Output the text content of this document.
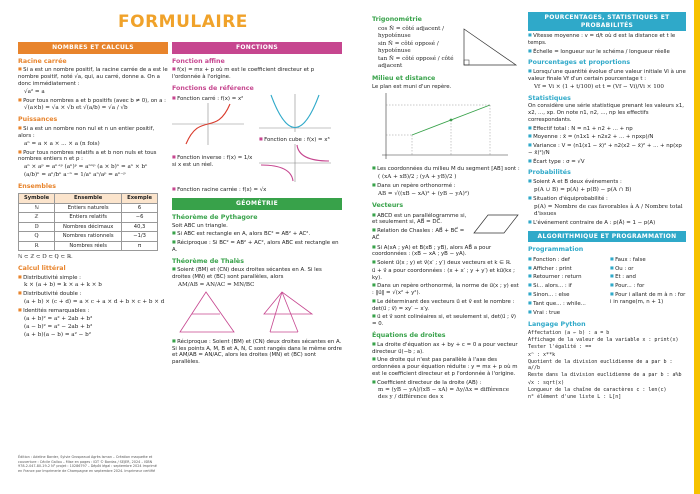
FORMULAIRE
NOMBRES ET CALCULS
Racine carrée
■ Si a est un nombre positif, la racine carrée de a est le nombre positif, noté √a, qui, au carré, donne a. On a donc immédiatement :
√a² = a
■ Pour tous nombres a et b positifs (avec b ≠ 0), on a :
√(a×b) = √a × √b et √(a/b) = √a / √b
Puissances
■ Si a est un nombre non nul et n un entier positif, alors :
aⁿ = a × a × ... × a (n fois)
■ Pour tous nombres relatifs a et b non nuls et tous nombres entiers n et p :
aⁿ × aᵖ = aⁿ⁺ᵖ (aⁿ)ᵖ = aⁿˣᵖ (a × b)ⁿ = aⁿ × bⁿ
(a/b)ⁿ = aⁿ/bⁿ a⁻ⁿ = 1/aⁿ aⁿ/aᵖ = aⁿ⁻ᵖ
Ensembles
Symbole	Ensemble	Exemple
ℕ	Entiers naturels	6
ℤ	Entiers relatifs	−6
𝔻	Nombres décimaux	40,3
ℚ	Nombres rationnels	−1/3
ℝ	Nombres réels	π
ℕ ⊂ ℤ ⊂ 𝔻 ⊂ ℚ ⊂ ℝ.
Calcul littéral
■ Distributivité simple :
k × (a + b) = k × a + k × b
■ Distributivité double :
(a + b) × (c + d) = a × c + a × d + b × c + b × d
■ Identités remarquables :
(a + b)² = a² + 2ab + b²
(a − b)² = a² − 2ab + b²
(a + b)(a − b) = a² − b²
Édition : Adeline Barder, Sylvie Grospeaud Agrès Isman – Création maquette et couverture : Cécile Gallou – Mise en pages : IDT © Bordas / SEJER, 2024 – ISBN 978-2-047-80-19-2 N° projet : 10286797 – Dépôt légal : septembre 2024 Imprimé en France par Imprimerie de Champagne en septembre 2024. Imprimeur certifié
FONCTIONS
Fonction affine
■ f(x) = mx + p où m est le coefficient directeur et p l'ordonnée à l'origine.
Fonctions de référence
■ Fonction carré : f(x) = x²
■ Fonction inverse : f(x) = 1/x si x est un réel.
■ Fonction cube : f(x) = x³
■ Fonction racine carrée : f(x) = √x
GÉOMÉTRIE
Théorème de Pythagore
Soit ABC un triangle.
■ Si ABC est rectangle en A, alors BC² = AB² + AC².
■ Réciproque : Si BC² = AB² + AC², alors ABC est rectangle en A.
Théorème de Thalès
■ Soient (BM) et (CN) deux droites sécantes en A. Si les droites (MN) et (BC) sont parallèles, alors
AM/AB = AN/AC = MN/BC
■ Réciproque : Soient (BM) et (CN) deux droites sécantes en A. Si les points A, M, B et A, N, C sont rangés dans le même ordre et AM/AB = AN/AC, alors les droites (MN) et (BC) sont parallèles.
Trigonométrie
cos N̂ = côté adjacent / hypoténuse
sin N̂ = côté opposé / hypoténuse
tan N̂ = côté opposé / côté adjacent
Milieu et distance
Le plan est muni d'un repère.
■ Les coordonnées du milieu M du segment [AB] sont :
( (xA + xB)/2 ; (yA + yB)/2 )
■ Dans un repère orthonormé :
AB = √((xB − xA)² + (yB − yA)²)
Vecteurs
■ ABCD est un parallélogramme si, et seulement si, AB⃗ = DC⃗.
■ Relation de Chasles : AB⃗ + BC⃗ = AC⃗
■ Si A(xA ; yA) et B(xB ; yB), alors AB⃗ a pour coordonnées : (xB − xA ; yB − yA).
■ Soient u⃗(x ; y) et v⃗(x′ ; y′) deux vecteurs et k ∈ ℝ.
u⃗ + v⃗ a pour coordonnées : (x + x′ ; y + y′) et ku⃗(kx ; ky).
■ Dans un repère orthonormé, la norme de u⃗(x ; y) est : ‖u⃗‖ = √(x² + y²).
■ Le déterminant des vecteurs u⃗ et v⃗ est le nombre : det(u⃗ ; v⃗) = xy′ − x′y.
■ u⃗ et v⃗ sont colinéaires si, et seulement si, det(u⃗ ; v⃗) = 0.
Équations de droites
■ La droite d'équation ax + by + c = 0 a pour vecteur directeur u⃗(−b ; a).
■ Une droite qui n'est pas parallèle à l'axe des ordonnées a pour équation réduite : y = mx + p où m est le coefficient directeur et p l'ordonnée à l'origine.
■ Coefficient directeur de la droite (AB) :
m = (yB − yA)/(xB − xA) = Δy/Δx = différence des y / différence des x
POURCENTAGES, STATISTIQUES ET PROBABILITÉS
■ Vitesse moyenne : v = d/t où d est la distance et t le temps.
■ Échelle = longueur sur le schéma / longueur réelle
Pourcentages et proportions
■ Lorsqu'une quantité évolue d'une valeur initiale Vi à une valeur finale Vf d'un certain pourcentage t :
Vf = Vi × (1 + t/100) et t = (Vf − Vi)/Vi × 100
Statistiques
On considère une série statistique prenant les valeurs x1, x2, ..., xp. On note n1, n2, ..., np les effectifs correspondants.
■ Effectif total : N = n1 + n2 + ... + np
■ Moyenne : x̄ = (n1x1 + n2x2 + ... + npxp)/N
■ Variance : V = (n1(x1 − x̄)² + n2(x2 − x̄)² + ... + np(xp − x̄)²)/N
■ Écart type : σ = √V
Probabilités
■ Soient A et B deux événements :
p(A ∪ B) = p(A) + p(B) − p(A ∩ B)
■ Situation d'équiprobabilité :
p(A) = Nombre de cas favorables à A / Nombre total d'issues
■ L'événement contraire de A : p(Ā) = 1 − p(A)
ALGORITHMIQUE ET PROGRAMMATION
Programmation
■ Fonction : def
■ Afficher : print
■ Retourner : return
■ Si... alors... : if
■ Sinon... : else
■ Tant que... : while...
■ Faux : false
■ Ou : or
■ Et : and
■ Pour... : for
■ Pour i allant de m à n : for i in range(m, n + 1)
■ Vrai : true
Langage Python
Affectation (a ← b) : a = b
Affichage de la valeur de la variable x : print(x)
Tester l'égalité : ==
xⁿ : x**k
Quotient de la division euclidienne de a par b : a//b
Reste dans la division euclidienne de a par b : a%b
√x : sqrt(x)
Longueur de la chaîne de caractères c : len(c)
n° élément d'une liste L : L[n]
